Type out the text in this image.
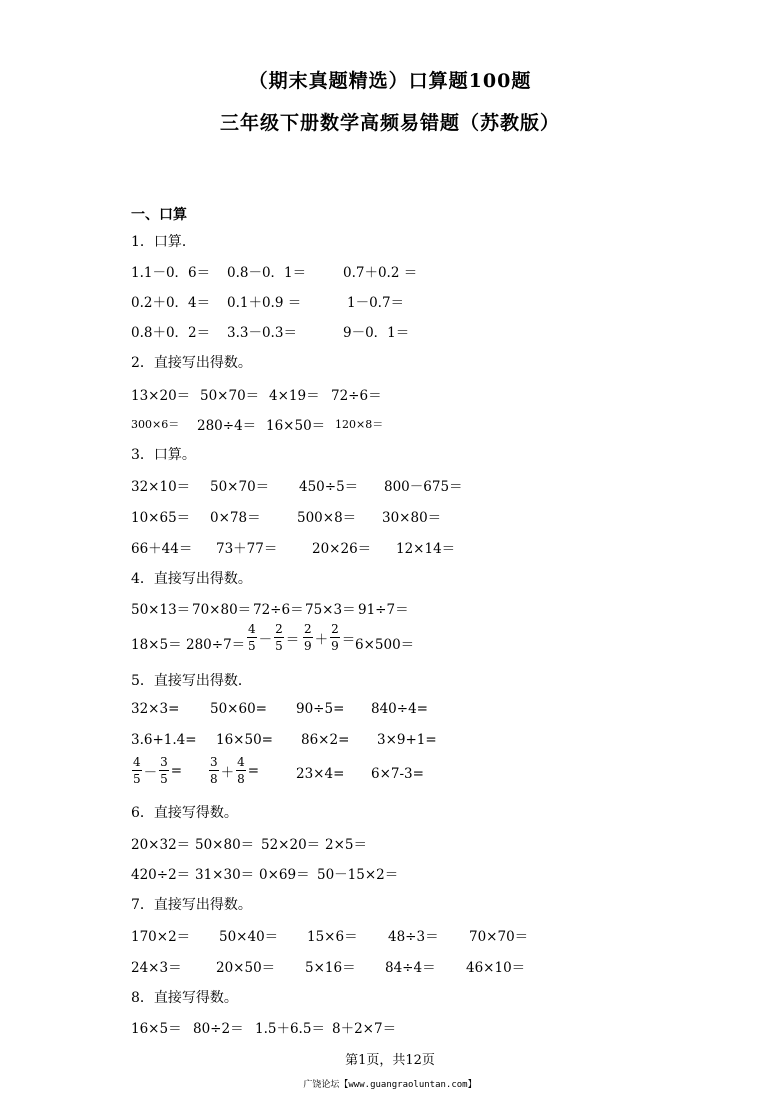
（期末真题精选）口算题100题
三年级下册数学高频易错题（苏教版）
一、口算
1．口算．
1.1－0．6＝ 0.8－0．1＝	0.7＋0.2 ＝
0.2＋0．4＝ 0.1＋0.9 ＝	1－0.7＝
0.8＋0．2＝ 3.3－0.3＝	9－0．1＝
2．直接写出得数。
13×20＝ 50×70＝ 4×19＝ 72÷6＝
300×6＝ 280÷4＝ 16×50＝ 120×8＝
3．口算。
32×10＝ 50×70＝ 450÷5＝ 800－675＝
10×65＝ 0×78＝	500×8＝ 30×80＝
66＋44＝ 73＋77＝	20×26＝ 12×14＝
4．直接写出得数。
50×13＝ 70×80＝ 72÷6＝ 75×3＝ 91÷7＝
$18\times 5= 280\div 7= \frac{4}{5} - \frac{2}{5} = \frac{2}{9} + \frac{2}{9} = 6\times 500=$
5．直接写出得数．
32×3= 50×60= 90÷5= 840÷4=
3.6+1.4= 16×50= 86×2= 3×9+1=
$\frac{4}{5} - \frac{3}{5} = \frac{3}{8} + \frac{4}{8}$ =	23×4= 6×7-3=
6．直接写得数。
20×32＝ 50×80＝ 52×20＝ 2×5＝
420÷2＝ 31×30＝ 0×69＝ 50－15×2＝
7．直接写出得数。
170×2＝ 50×40＝ 15×6＝ 48÷3＝ 70×70＝
24×3＝	20×50＝ 5×16＝ 84÷4＝ 46×10＝
8．直接写得数。
16×5＝ 80÷2＝ 1.5＋6.5＝ 8＋2×7＝
第1页，共12页
广饶论坛【www.guangraoluntan.com】
